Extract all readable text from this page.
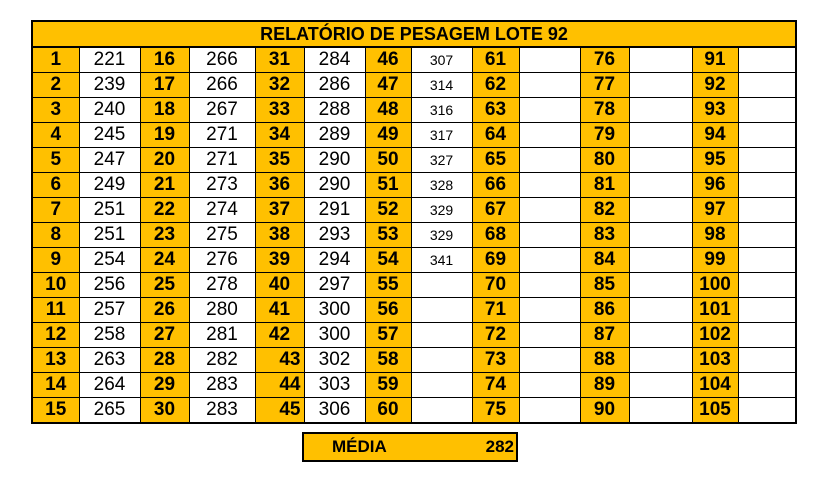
RELATÓRIO DE PESAGEM LOTE 92													
1	221	16	266	31	284	46	307	61		76		91	
2	239	17	266	32	286	47	314	62		77		92	
3	240	18	267	33	288	48	316	63		78		93	
4	245	19	271	34	289	49	317	64		79		94	
5	247	20	271	35	290	50	327	65		80		95	
6	249	21	273	36	290	51	328	66		81		96	
7	251	22	274	37	291	52	329	67		82		97	
8	251	23	275	38	293	53	329	68		83		98	
9	254	24	276	39	294	54	341	69		84		99	
10	256	25	278	40	297	55		70		85		100	
11	257	26	280	41	300	56		71		86		101	
12	258	27	281	42	300	57		72		87		102	
13	263	28	282	43	302	58		73		88		103	
14	264	29	283	44	303	59		74		89		104	
15	265	30	283	45	306	60		75		90		105	
MÉDIA	282
